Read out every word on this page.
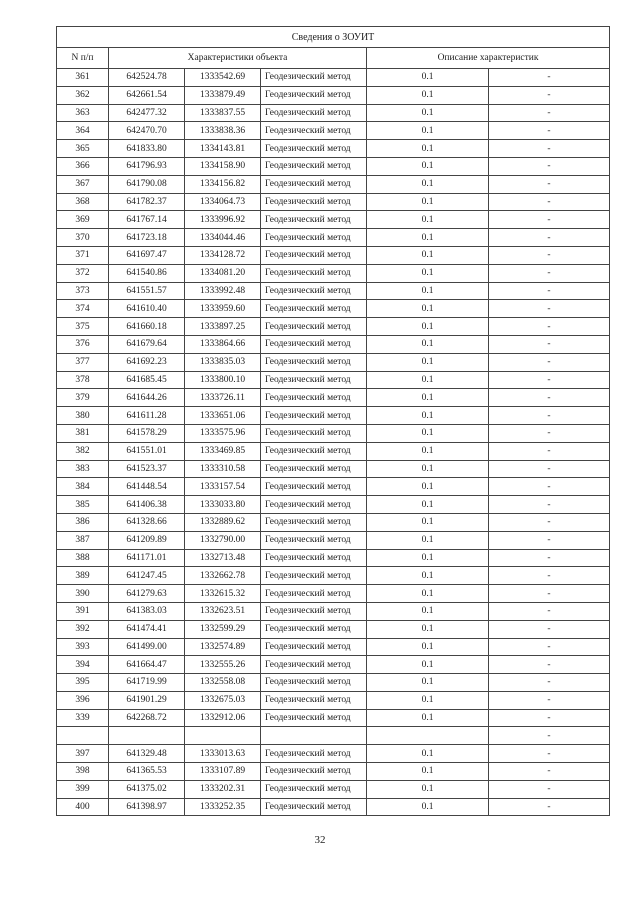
Сведения о ЗОУИТ					
N п/п	Характеристики объекта			Описание характеристик	
361	642524.78	1333542.69	Геодезический метод	0.1	-
362	642661.54	1333879.49	Геодезический метод	0.1	-
363	642477.32	1333837.55	Геодезический метод	0.1	-
364	642470.70	1333838.36	Геодезический метод	0.1	-
365	641833.80	1334143.81	Геодезический метод	0.1	-
366	641796.93	1334158.90	Геодезический метод	0.1	-
367	641790.08	1334156.82	Геодезический метод	0.1	-
368	641782.37	1334064.73	Геодезический метод	0.1	-
369	641767.14	1333996.92	Геодезический метод	0.1	-
370	641723.18	1334044.46	Геодезический метод	0.1	-
371	641697.47	1334128.72	Геодезический метод	0.1	-
372	641540.86	1334081.20	Геодезический метод	0.1	-
373	641551.57	1333992.48	Геодезический метод	0.1	-
374	641610.40	1333959.60	Геодезический метод	0.1	-
375	641660.18	1333897.25	Геодезический метод	0.1	-
376	641679.64	1333864.66	Геодезический метод	0.1	-
377	641692.23	1333835.03	Геодезический метод	0.1	-
378	641685.45	1333800.10	Геодезический метод	0.1	-
379	641644.26	1333726.11	Геодезический метод	0.1	-
380	641611.28	1333651.06	Геодезический метод	0.1	-
381	641578.29	1333575.96	Геодезический метод	0.1	-
382	641551.01	1333469.85	Геодезический метод	0.1	-
383	641523.37	1333310.58	Геодезический метод	0.1	-
384	641448.54	1333157.54	Геодезический метод	0.1	-
385	641406.38	1333033.80	Геодезический метод	0.1	-
386	641328.66	1332889.62	Геодезический метод	0.1	-
387	641209.89	1332790.00	Геодезический метод	0.1	-
388	641171.01	1332713.48	Геодезический метод	0.1	-
389	641247.45	1332662.78	Геодезический метод	0.1	-
390	641279.63	1332615.32	Геодезический метод	0.1	-
391	641383.03	1332623.51	Геодезический метод	0.1	-
392	641474.41	1332599.29	Геодезический метод	0.1	-
393	641499.00	1332574.89	Геодезический метод	0.1	-
394	641664.47	1332555.26	Геодезический метод	0.1	-
395	641719.99	1332558.08	Геодезический метод	0.1	-
396	641901.29	1332675.03	Геодезический метод	0.1	-
339	642268.72	1332912.06	Геодезический метод	0.1	-
					-
397	641329.48	1333013.63	Геодезический метод	0.1	-
398	641365.53	1333107.89	Геодезический метод	0.1	-
399	641375.02	1333202.31	Геодезический метод	0.1	-
400	641398.97	1333252.35	Геодезический метод	0.1	-
32
